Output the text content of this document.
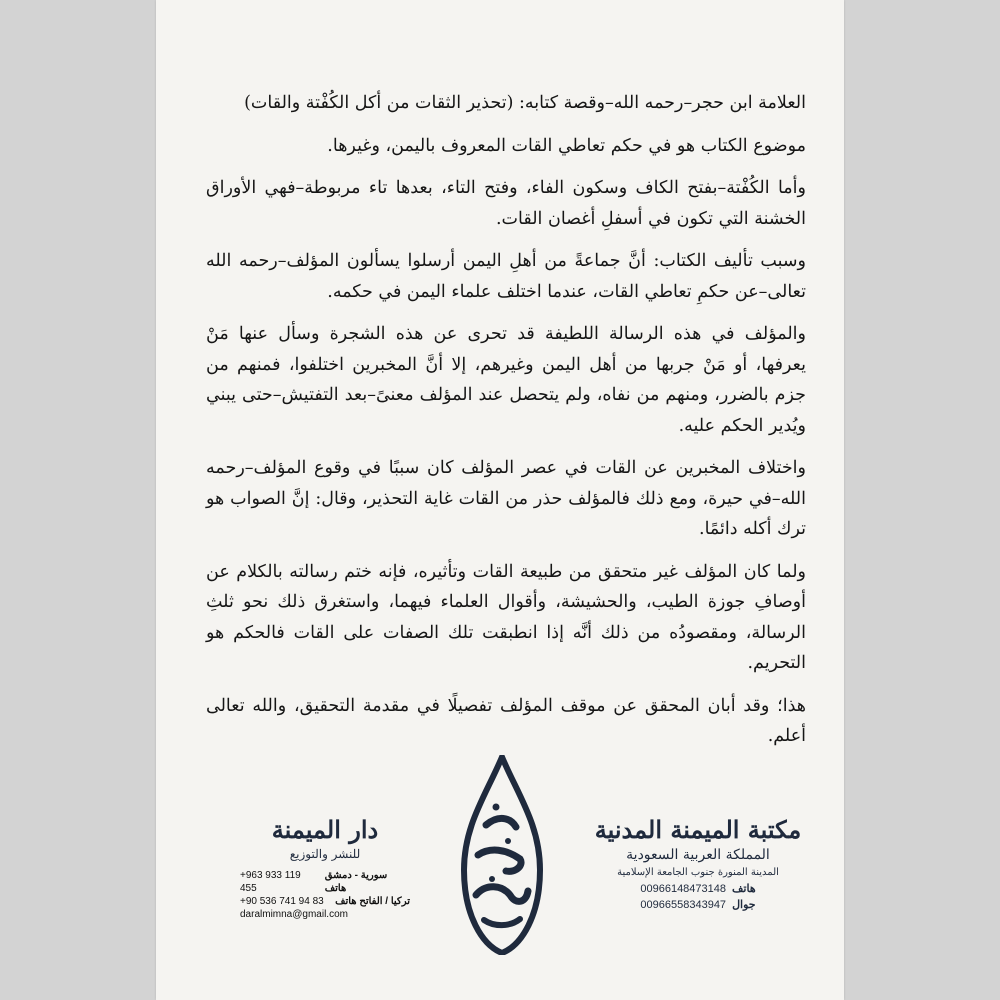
العلامة ابن حجر–رحمه الله–وقصة كتابه: (تحذير الثقات من أكل الكُفْتة والقات)

موضوع الكتاب هو في حكم تعاطي القات المعروف باليمن، وغيرها.

وأما الكُفْتة–بفتح الكاف وسكون الفاء، وفتح التاء، بعدها تاء مربوطة–فهي الأوراق الخشنة التي تكون في أسفلِ أغصان القات.

وسبب تأليف الكتاب: أنَّ جماعةً من أهلِ اليمن أرسلوا يسألون المؤلف–رحمه الله تعالى–عن حكمِ تعاطي القات، عندما اختلف علماء اليمن في حكمه.

والمؤلف في هذه الرسالة اللطيفة قد تحرى عن هذه الشجرة وسأل عنها مَنْ يعرفها، أو مَنْ جربها من أهل اليمن وغيرهم، إلا أنَّ المخبرين اختلفوا، فمنهم من جزم بالضرر، ومنهم من نفاه، ولم يتحصل عند المؤلف معنىً–بعد التفتيش–حتى يبني ويُدير الحكم عليه.

واختلاف المخبرين عن القات في عصر المؤلف كان سببًا في وقوع المؤلف–رحمه الله–في حيرة، ومع ذلك فالمؤلف حذر من القات غاية التحذير، وقال: إنَّ الصواب هو ترك أكله دائمًا.

ولما كان المؤلف غير متحقق من طبيعة القات وتأثيره، فإنه ختم رسالته بالكلام عن أوصافِ جوزة الطيب، والحشيشة، وأقوال العلماء فيهما، واستغرق ذلك نحو ثلثِ الرسالة، ومقصودُه من ذلك أنَّه إذا انطبقت تلك الصفات على القات فالحكم هو التحريم.

هذا؛ وقد أبان المحقق عن موقف المؤلف تفصيلًا في مقدمة التحقيق، والله تعالى أعلم.

مكتبة الميمنة المدنية
المملكة العربية السعودية
المدينة المنورة جنوب الجامعة الإسلامية
00966148473148 هاتف
00966558343947 جوال
دار الميمنة
للنشر والتوزيع
+963 933 119 455
سورية - دمشق هاتف
+90 536 741 94 83 تركيا / الفاتح هاتف
daralmimna@gmail.com
